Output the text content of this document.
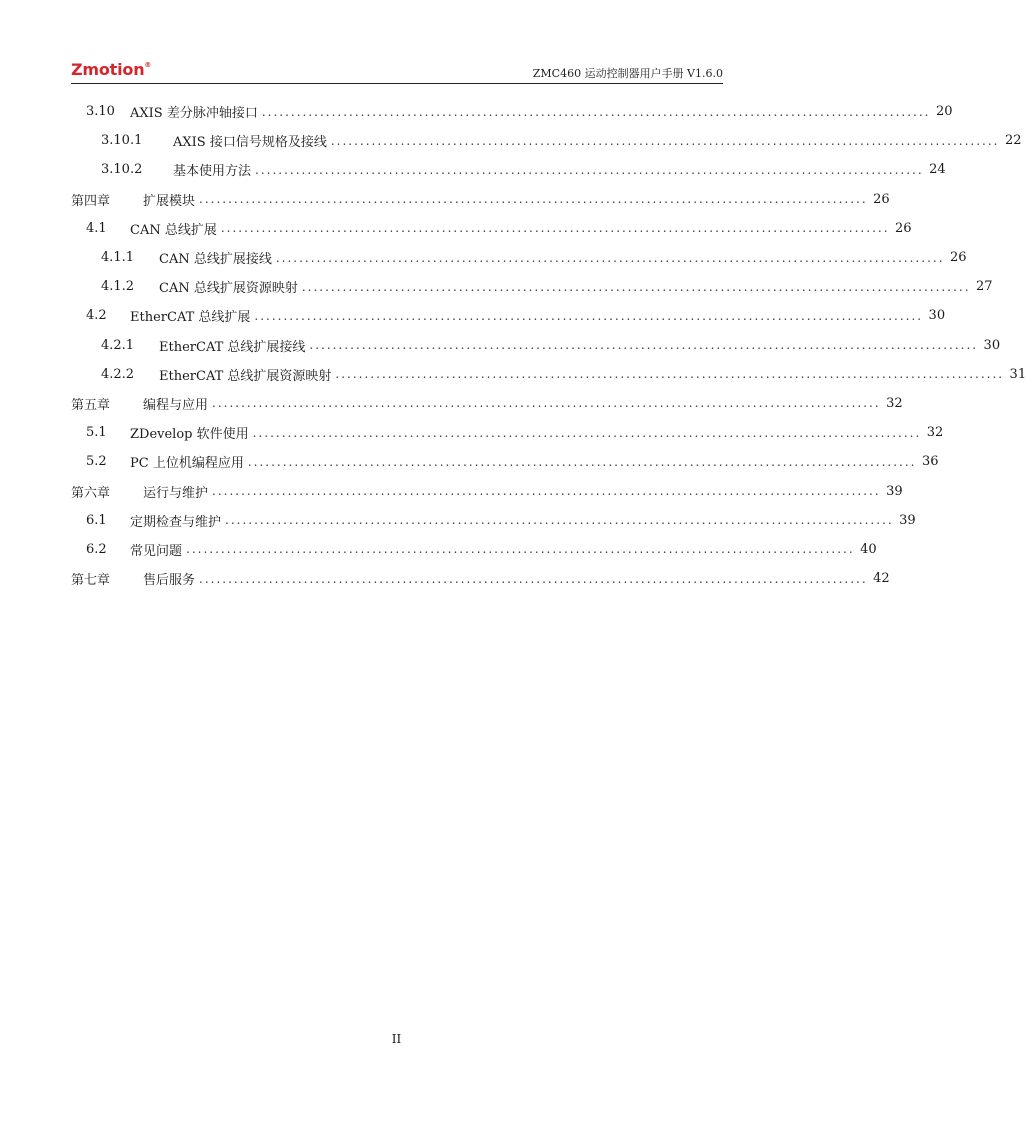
Zmotion®
ZMC460 运动控制器用户手册 V1.6.0
3.10	AXIS 差分脉冲轴接口 ................................................................................................................... 20
3.10.1	AXIS 接口信号规格及接线 ................................................................................................................... 22
3.10.2	基本使用方法 ................................................................................................................... 24
第四章	扩展模块 ................................................................................................................... 26
4.1	CAN 总线扩展 ................................................................................................................... 26
4.1.1	CAN 总线扩展接线 ................................................................................................................... 26
4.1.2	CAN 总线扩展资源映射 ................................................................................................................... 27
4.2	EtherCAT 总线扩展 ................................................................................................................... 30
4.2.1	EtherCAT 总线扩展接线 ................................................................................................................... 30
4.2.2	EtherCAT 总线扩展资源映射 ................................................................................................................... 31
第五章	编程与应用 ................................................................................................................... 32
5.1	ZDevelop 软件使用 ................................................................................................................... 32
5.2	PC 上位机编程应用 ................................................................................................................... 36
第六章	运行与维护 ................................................................................................................... 39
6.1	定期检查与维护 ................................................................................................................... 39
6.2	常见问题 ................................................................................................................... 40
第七章	售后服务 ................................................................................................................... 42
II
